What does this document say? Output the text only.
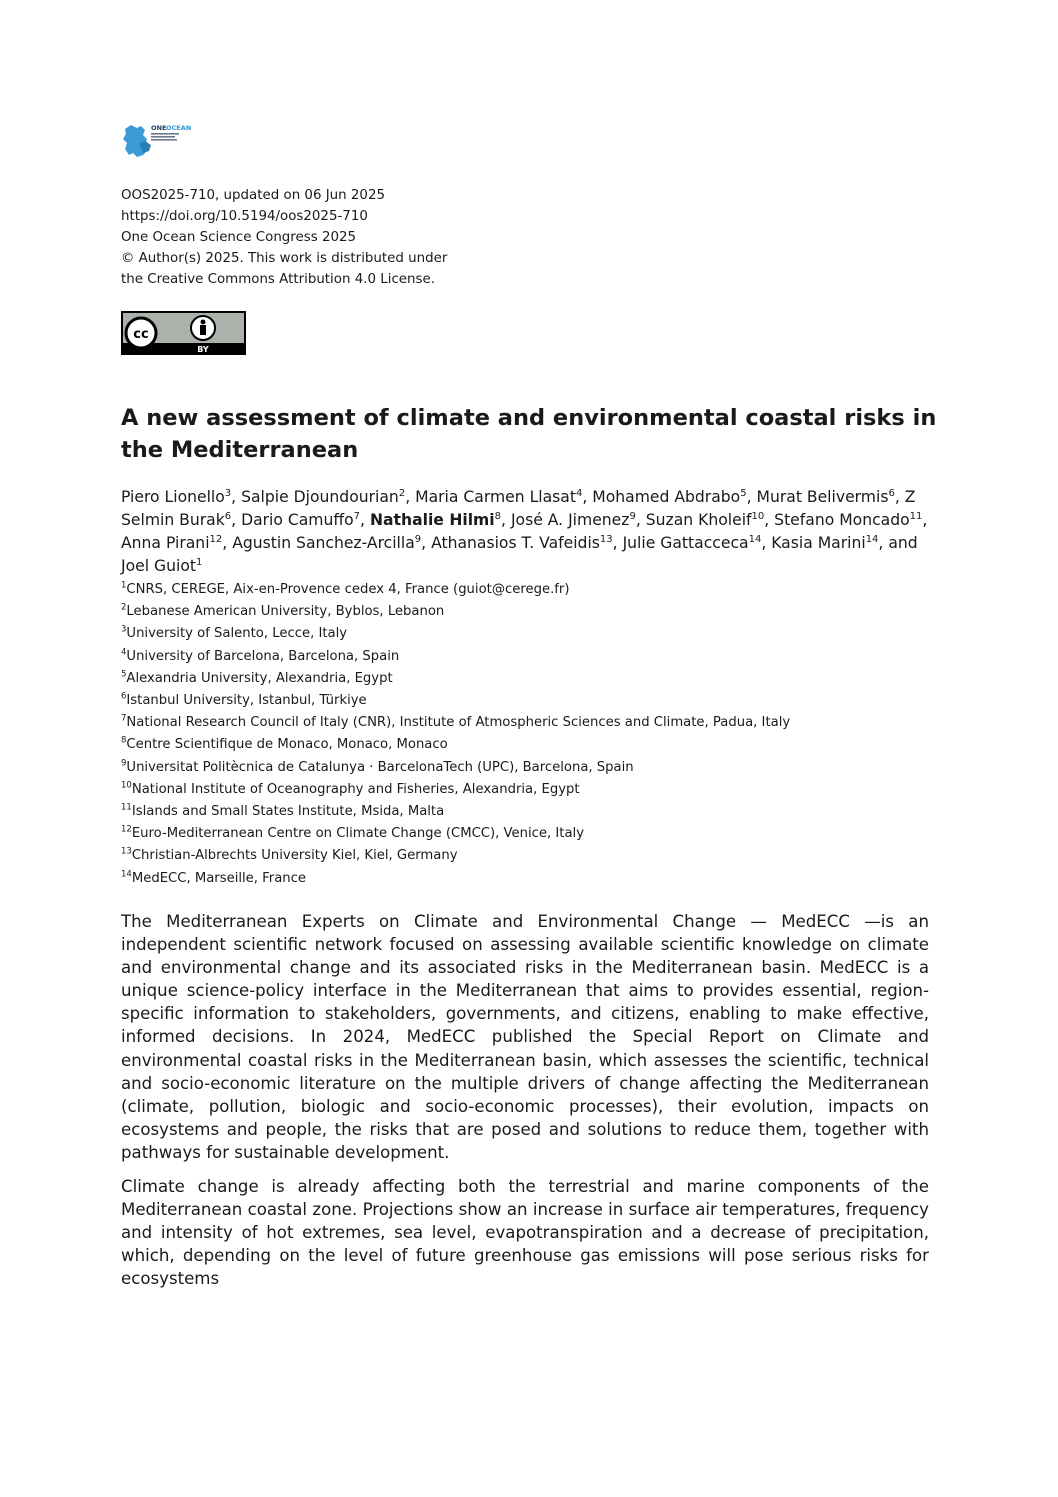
ONE OCEAN
OOS2025-710, updated on 06 Jun 2025
https://doi.org/10.5194/oos2025-710
One Ocean Science Congress 2025
© Author(s) 2025. This work is distributed under
the Creative Commons Attribution 4.0 License.
cc
BY
A new assessment of climate and environmental coastal risks in the Mediterranean
Piero Lionello$^3$, Salpie Djoundourian$^2$, Maria Carmen Llasat$^4$, Mohamed Abdrabo$^5$, Murat Belivermis$^6$, Z Selmin Burak$^6$, Dario Camuffo$^7$, Nathalie Hilmi$^8$, José A. Jimenez$^9$, Suzan Kholeif$^{10}$, Stefano Moncado$^{11}$, Anna Pirani$^{12}$, Agustin Sanchez-Arcilla$^9$, Athanasios T. Vafeidis$^{13}$, Julie Gattacceca$^{14}$, Kasia Marini$^{14}$, and Joel Guiot$^1$
$^1$CNRS, CEREGE, Aix-en-Provence cedex 4, France (guiot@cerege.fr)
$^2$Lebanese American University, Byblos, Lebanon
$^3$University of Salento, Lecce, Italy
$^4$University of Barcelona, Barcelona, Spain
$^5$Alexandria University, Alexandria, Egypt
$^6$Istanbul University, Istanbul, Türkiye
$^7$National Research Council of Italy (CNR), Institute of Atmospheric Sciences and Climate, Padua, Italy
$^8$Centre Scientifique de Monaco, Monaco, Monaco
$^9$Universitat Politècnica de Catalunya · BarcelonaTech (UPC), Barcelona, Spain
$^{10}$National Institute of Oceanography and Fisheries, Alexandria, Egypt
$^{11}$Islands and Small States Institute, Msida, Malta
$^{12}$Euro-Mediterranean Centre on Climate Change (CMCC), Venice, Italy
$^{13}$Christian-Albrechts University Kiel, Kiel, Germany
$^{14}$MedECC, Marseille, France

The Mediterranean Experts on Climate and Environmental Change — MedECC —is an independent scientific network focused on assessing available scientific knowledge on climate and environmental change and its associated risks in the Mediterranean basin. MedECC is a unique science-policy interface in the Mediterranean that aims to provides essential, region-specific information to stakeholders, governments, and citizens, enabling to make effective, informed decisions. In 2024, MedECC published the Special Report on Climate and environmental coastal risks in the Mediterranean basin, which assesses the scientific, technical and socio-economic literature on the multiple drivers of change affecting the Mediterranean (climate, pollution, biologic and socio-economic processes), their evolution, impacts on ecosystems and people, the risks that are posed and solutions to reduce them, together with pathways for sustainable development.

Climate change is already affecting both the terrestrial and marine components of the Mediterranean coastal zone. Projections show an increase in surface air temperatures, frequency and intensity of hot extremes, sea level, evapotranspiration and a decrease of precipitation, which, depending on the level of future greenhouse gas emissions will pose serious risks for ecosystems
